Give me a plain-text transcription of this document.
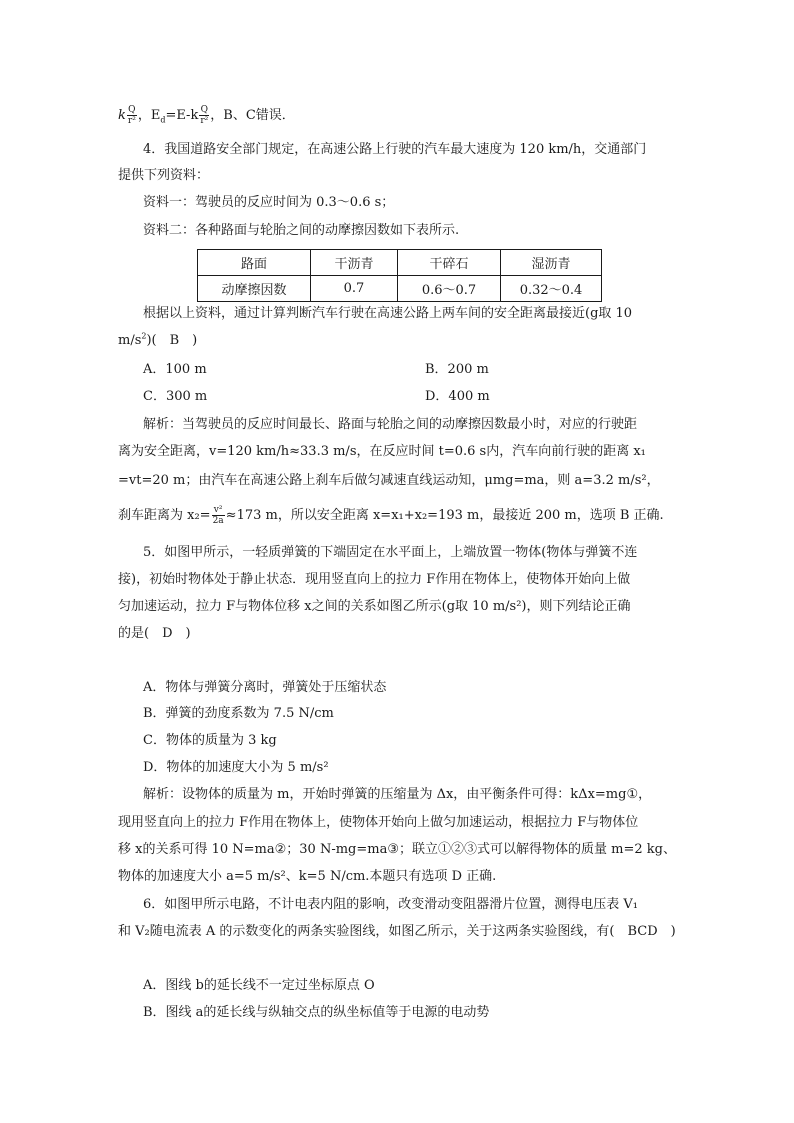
k $\frac{Q}{\text{r²}}$ ，$E_d=E-k \frac{Q}{\text{r²}}$ ，B、C错误．
4．我国道路安全部门规定，在高速公路上行驶的汽车最大速度为 120 km/h，交通部门
提供下列资料：
资料一：驾驶员的反应时间为 0.3～0.6 s；
资料二：各种路面与轮胎之间的动摩擦因数如下表所示.
路面	干沥青	干碎石	湿沥青
动摩擦因数	0.7	0.6～0.7	0.32～0.4
根据以上资料，通过计算判断汽车行驶在高速公路上两车间的安全距离最接近(g取 10
$m/s^2$)(　B　)
A．100 m	B．200 m
C．300 m	D．400 m
解析：当驾驶员的反应时间最长、路面与轮胎之间的动摩擦因数最小时，对应的行驶距
离为安全距离，v=120 km/h≈33.3 m/s，在反应时间 t=0.6 s内，汽车向前行驶的距离 x₁
=vt=20 m；由汽车在高速公路上刹车后做匀减速直线运动知，μmg=ma，则 a=3.2 m/s²，
刹车距离为 $x_2= \frac{\text{v²}}{2a} \approx 173$ m，所以安全距离 x=x₁+x₂=193 m，最接近 200 m，选项 B 正确.
5．如图甲所示，一轻质弹簧的下端固定在水平面上，上端放置一物体(物体与弹簧不连
接)，初始时物体处于静止状态．现用竖直向上的拉力 F作用在物体上，使物体开始向上做
匀加速运动，拉力 F与物体位移 x之间的关系如图乙所示(g取 10 m/s²)，则下列结论正确
的是(　D　)
A．物体与弹簧分离时，弹簧处于压缩状态
B．弹簧的劲度系数为 7.5 N/cm
C．物体的质量为 3 kg
D．物体的加速度大小为 5 m/s²
解析：设物体的质量为 m，开始时弹簧的压缩量为 Δx，由平衡条件可得：kΔx=mg①，
现用竖直向上的拉力 F作用在物体上，使物体开始向上做匀加速运动，根据拉力 F与物体位
移 x的关系可得 10 N=ma②；30 N-mg=ma③；联立①②③式可以解得物体的质量 m=2 kg、
物体的加速度大小 a=5 m/s²、k=5 N/cm.本题只有选项 D 正确.
6．如图甲所示电路，不计电表内阻的影响，改变滑动变阻器滑片位置，测得电压表 V₁
和 V₂随电流表 A 的示数变化的两条实验图线，如图乙所示，关于这两条实验图线，有(　BCD　)
A．图线 b的延长线不一定过坐标原点 O
B．图线 a的延长线与纵轴交点的纵坐标值等于电源的电动势
